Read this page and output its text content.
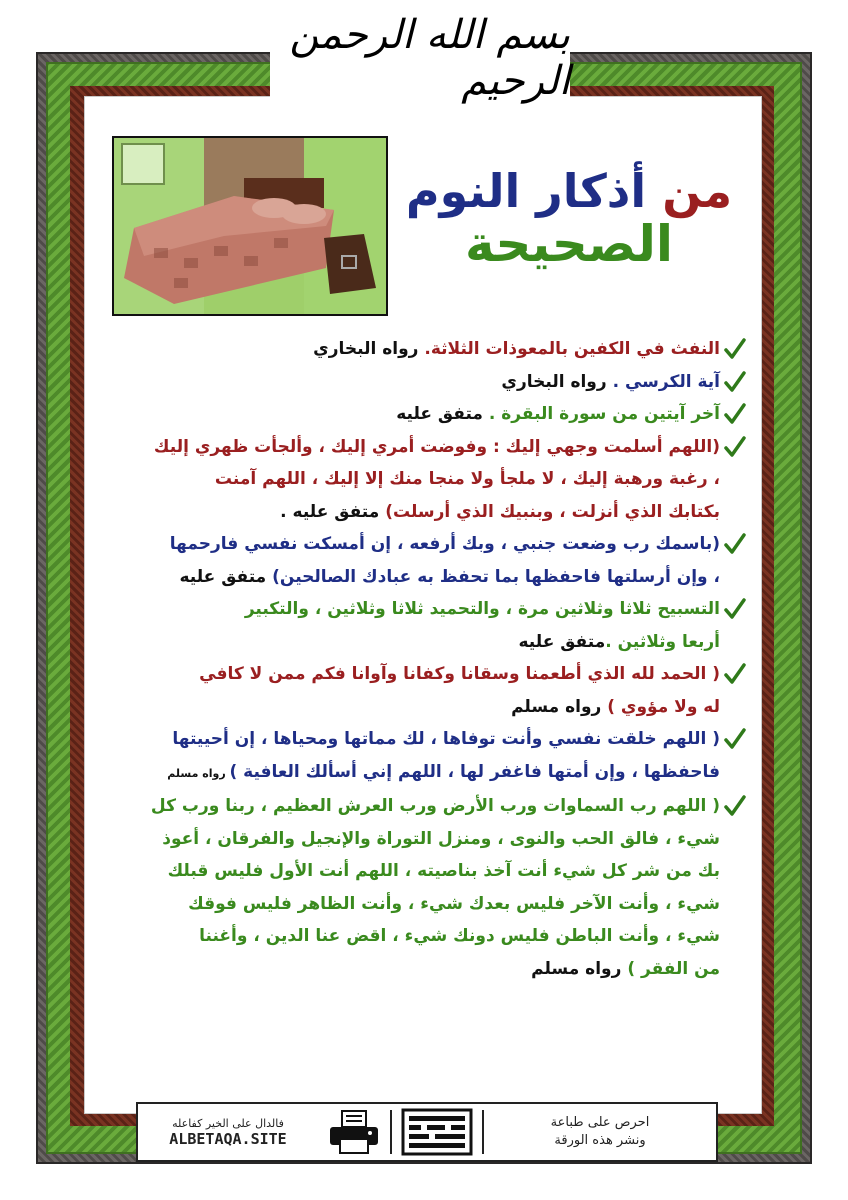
بسم الله الرحمن الرحيم
من أذكار النوم
الصحيحة
النفث في الكفين بالمعوذات الثلاثة. رواه البخاري
آية الكرسي . رواه البخاري
آخر آيتين من سورة البقرة . متفق عليه
(اللهم أسلمت وجهي إليك : وفوضت أمري إليك ، وألجأت ظهري إليك
، رغبة ورهبة إليك ، لا ملجأ ولا منجا منك إلا إليك ، اللهم آمنت
بكتابك الذي أنزلت ، وبنبيك الذي أرسلت) متفق عليه .
(باسمك رب وضعت جنبي ، وبك أرفعه ، إن أمسكت نفسي فارحمها
، وإن أرسلتها فاحفظها بما تحفظ به عبادك الصالحين) متفق عليه
التسبيح ثلاثا وثلاثين مرة ، والتحميد ثلاثا وثلاثين ، والتكبير
أربعا وثلاثين .متفق عليه
( الحمد لله الذي أطعمنا وسقانا وكفانا وآوانا فكم ممن لا كافي
له ولا مؤوي ) رواه مسلم
( اللهم خلقت نفسي وأنت توفاها ، لك مماتها ومحياها ، إن أحييتها
فاحفظها ، وإن أمتها فاغفر لها ، اللهم إني أسألك العافية ) رواه مسلم
( اللهم رب السماوات ورب الأرض ورب العرش العظيم ، ربنا ورب كل
شيء ، فالق الحب والنوى ، ومنزل التوراة والإنجيل والفرقان ، أعوذ
بك من شر كل شيء أنت آخذ بناصيته ، اللهم أنت الأول فليس قبلك
شيء ، وأنت الآخر فليس بعدك شيء ، وأنت الظاهر فليس فوقك
شيء ، وأنت الباطن فليس دونك شيء ، اقض عنا الدين ، وأغننا
من الفقر ) رواه مسلم
فالدال على الخير كفاعله
ALBETAQA.SITE
احرص على طباعة
ونشر هذه الورقة
